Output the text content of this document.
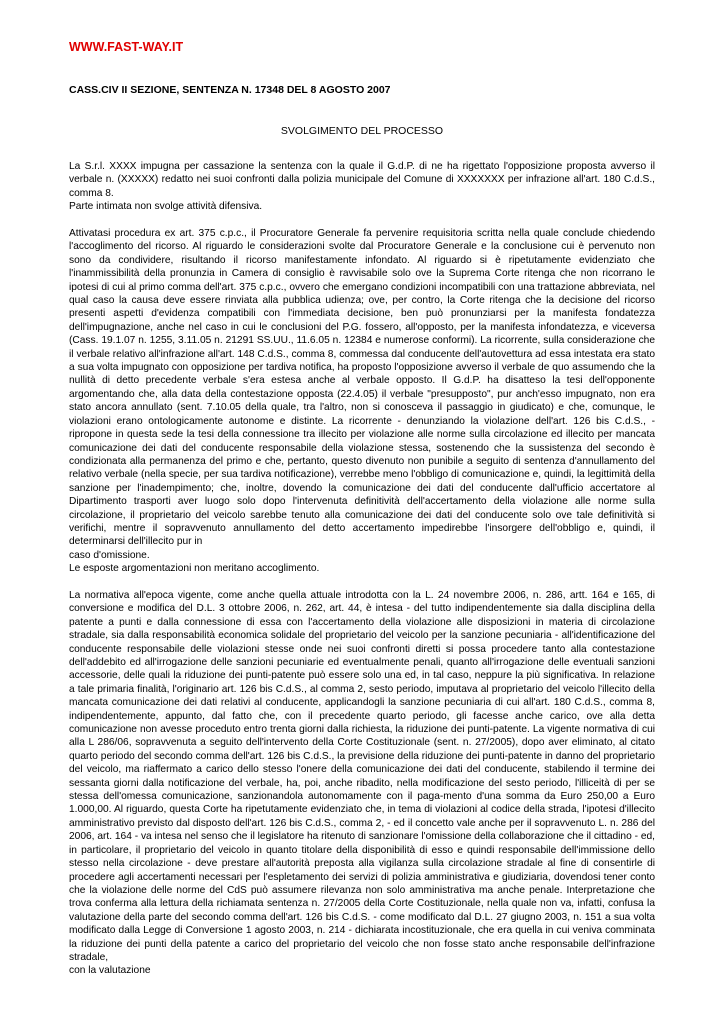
WWW.FAST-WAY.IT
CASS.CIV II SEZIONE, SENTENZA N. 17348 DEL 8 AGOSTO 2007
SVOLGIMENTO DEL PROCESSO

La S.r.l. XXXX impugna per cassazione la sentenza con la quale il G.d.P. di ne ha rigettato l'opposizione proposta avverso il verbale n. (XXXXX) redatto nei suoi confronti dalla polizia municipale del Comune di XXXXXXX per infrazione all'art. 180 C.d.S., comma 8.
Parte intimata non svolge attività difensiva.

Attivatasi procedura ex art. 375 c.p.c., il Procuratore Generale fa pervenire requisitoria scritta nella quale conclude chiedendo l'accoglimento del ricorso. Al riguardo le considerazioni svolte dal Procuratore Generale e la conclusione cui è pervenuto non sono da condividere, risultando il ricorso manifestamente infondato. Al riguardo si è ripetutamente evidenziato che l'inammissibilità della pronunzia in Camera di consiglio è ravvisabile solo ove la Suprema Corte ritenga che non ricorrano le ipotesi di cui al primo comma dell'art. 375 c.p.c., ovvero che emergano condizioni incompatibili con una trattazione abbreviata, nel qual caso la causa deve essere rinviata alla pubblica udienza; ove, per contro, la Corte ritenga che la decisione del ricorso presenti aspetti d'evidenza compatibili con l'immediata decisione, ben può pronunziarsi per la manifesta fondatezza dell'impugnazione, anche nel caso in cui le conclusioni del P.G. fossero, all'opposto, per la manifesta infondatezza, e viceversa (Cass. 19.1.07 n. 1255, 3.11.05 n. 21291 SS.UU., 11.6.05 n. 12384 e numerose conformi). La ricorrente, sulla considerazione che il verbale relativo all'infrazione all'art. 148 C.d.S., comma 8, commessa dal conducente dell'autovettura ad essa intestata era stato a sua volta impugnato con opposizione per tardiva notifica, ha proposto l'opposizione avverso il verbale de quo assumendo che la nullità di detto precedente verbale s'era estesa anche al verbale opposto. Il G.d.P. ha disatteso la tesi dell'opponente argomentando che, alla data della contestazione opposta (22.4.05) il verbale "presupposto", pur anch'esso impugnato, non era stato ancora annullato (sent. 7.10.05 della quale, tra l'altro, non si conosceva il passaggio in giudicato) e che, comunque, le violazioni erano ontologicamente autonome e distinte. La ricorrente - denunziando la violazione dell'art. 126 bis C.d.S., - ripropone in questa sede la tesi della connessione tra illecito per violazione alle norme sulla circolazione ed illecito per mancata comunicazione dei dati del conducente responsabile della violazione stessa, sostenendo che la sussistenza del secondo è condizionata alla permanenza del primo e che, pertanto, questo divenuto non punibile a seguito di sentenza d'annullamento del relativo verbale (nella specie, per sua tardiva notificazione), verrebbe meno l'obbligo di comunicazione e, quindi, la legittimità della sanzione per l'inadempimento; che, inoltre, dovendo la comunicazione dei dati del conducente dall'ufficio accertatore al Dipartimento trasporti aver luogo solo dopo l'intervenuta definitività dell'accertamento della violazione alle norme sulla circolazione, il proprietario del veicolo sarebbe tenuto alla comunicazione dei dati del conducente solo ove tale definitività si verifichi, mentre il sopravvenuto annullamento del detto accertamento impedirebbe l'insorgere dell'obbligo e, quindi, il determinarsi dell'illecito pur in
caso d'omissione.
Le esposte argomentazioni non meritano accoglimento.

La normativa all'epoca vigente, come anche quella attuale introdotta con la L. 24 novembre 2006, n. 286, artt. 164 e 165, di conversione e modifica del D.L. 3 ottobre 2006, n. 262, art. 44, è intesa - del tutto indipendentemente sia dalla disciplina della patente a punti e dalla connessione di essa con l'accertamento della violazione alle disposizioni in materia di circolazione stradale, sia dalla responsabilità economica solidale del proprietario del veicolo per la sanzione pecuniaria - all'identificazione del conducente responsabile delle violazioni stesse onde nei suoi confronti diretti si possa procedere tanto alla contestazione dell'addebito ed all'irrogazione delle sanzioni pecuniarie ed eventualmente penali, quanto all'irrogazione delle eventuali sanzioni accessorie, delle quali la riduzione dei punti-patente può essere solo una ed, in tal caso, neppure la più significativa. In relazione a tale primaria finalità, l'originario art. 126 bis C.d.S., al comma 2, sesto periodo, imputava al proprietario del veicolo l'illecito della mancata comunicazione dei dati relativi al conducente, applicandogli la sanzione pecuniaria di cui all'art. 180 C.d.S., comma 8, indipendentemente, appunto, dal fatto che, con il precedente quarto periodo, gli facesse anche carico, ove alla detta comunicazione non avesse proceduto entro trenta giorni dalla richiesta, la riduzione dei punti-patente. La vigente normativa di cui alla L 286/06, sopravvenuta a seguito dell'intervento della Corte Costituzionale (sent. n. 27/2005), dopo aver eliminato, al citato quarto periodo del secondo comma dell'art. 126 bis C.d.S., la previsione della riduzione dei punti-patente in danno del proprietario del veicolo, ma riaffermato a carico dello stesso l'onere della comunicazione dei dati del conducente, stabilendo il termine dei sessanta giorni dalla notificazione del verbale, ha, poi, anche ribadito, nella modificazione del sesto periodo, l'illiceità di per se stessa dell'omessa comunicazione, sanzionandola autonomamente con il paga-mento d'una somma da Euro 250,00 a Euro 1.000,00. Al riguardo, questa Corte ha ripetutamente evidenziato che, in tema di violazioni al codice della strada, l'ipotesi d'illecito amministrativo previsto dal disposto dell'art. 126 bis C.d.S., comma 2, - ed il concetto vale anche per il sopravvenuto L. n. 286 del 2006, art. 164 - va intesa nel senso che il legislatore ha ritenuto di sanzionare l'omissione della collaborazione che il cittadino - ed, in particolare, il proprietario del veicolo in quanto titolare della disponibilità di esso e quindi responsabile dell'immissione dello stesso nella circolazione - deve prestare all'autorità preposta alla vigilanza sulla circolazione stradale al fine di consentirle di procedere agli accertamenti necessari per l'espletamento dei servizi di polizia amministrativa e giudiziaria, dovendosi tener conto che la violazione delle norme del CdS può assumere rilevanza non solo amministrativa ma anche penale. Interpretazione che trova conferma alla lettura della richiamata sentenza n. 27/2005 della Corte Costituzionale, nella quale non va, infatti, confusa la valutazione della parte del secondo comma dell'art. 126 bis C.d.S. - come modificato dal D.L. 27 giugno 2003, n. 151 a sua volta modificato dalla Legge di Conversione 1 agosto 2003, n. 214 - dichiarata incostituzionale, che era quella in cui veniva comminata la riduzione dei punti della patente a carico del proprietario del veicolo che non fosse stato anche responsabile dell'infrazione stradale,
con la valutazione
